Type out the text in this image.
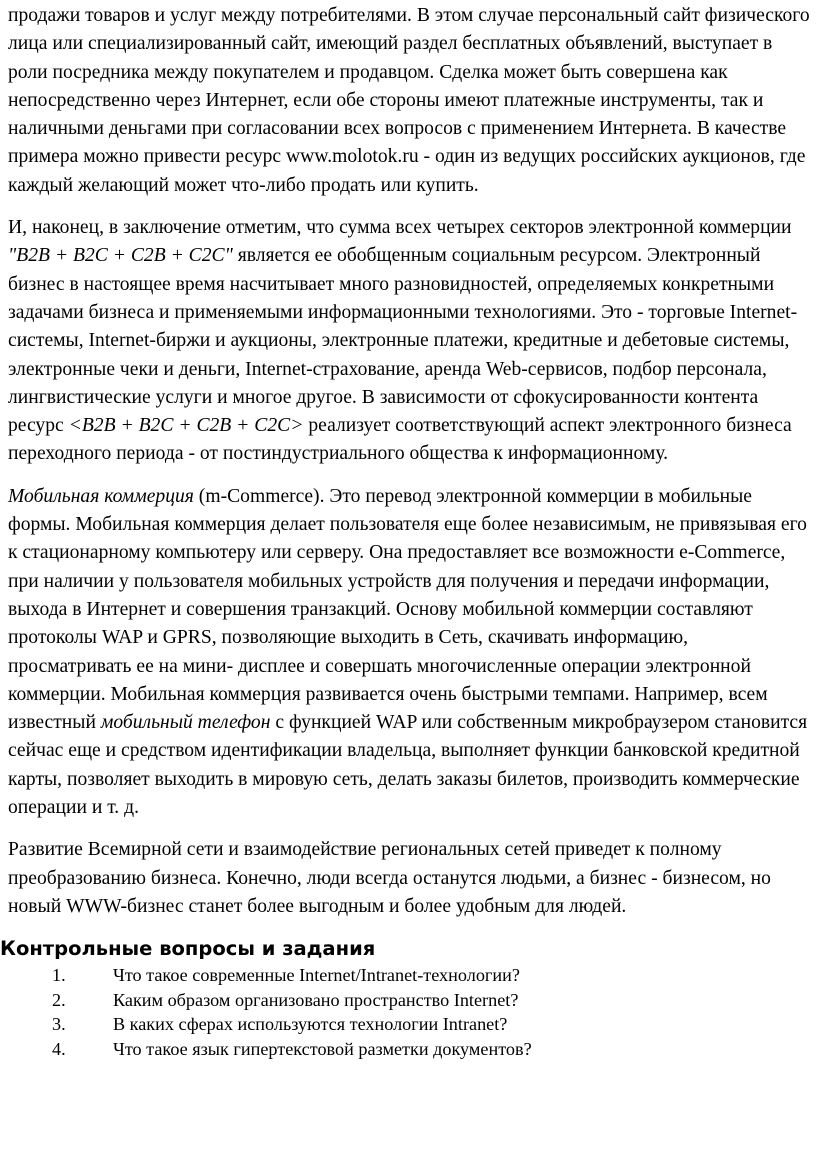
продажи товаров и услуг между потребителями. В этом случае персональный сайт физического лица или специализированный сайт, имеющий раздел бесплатных объявлений, выступает в роли посредника между покупателем и продавцом. Сделка может быть совершена как непосредственно через Интернет, если обе стороны имеют платежные инструменты, так и наличными деньгами при согласовании всех вопросов с применением Интернета. В качестве примера можно привести ресурс www.molotok.ru - один из ведущих российских аукционов, где каждый желающий может что-либо продать или купить.

И, наконец, в заключение отметим, что сумма всех четырех секторов электронной коммерции "B2B + B2C + C2B + C2C" является ее обобщенным социальным ресурсом. Электронный бизнес в настоящее время насчитывает много разновидностей, определяемых конкретными задачами бизнеса и применяемыми информационными технологиями. Это - торговые Internet-системы, Internet-биржи и аукционы, электронные платежи, кредитные и дебетовые системы, электронные чеки и деньги, Internet-страхование, аренда Web-сервисов, подбор персонала, лингвистические услуги и многое другое. В зависимости от сфокусированности контента ресурс <B2B + B2C + C2B + C2C> реализует соответствующий аспект электронного бизнеса переходного периода - от постиндустриального общества к информационному.

Мобильная коммерция (m-Commerce). Это перевод электронной коммерции в мобильные формы. Мобильная коммерция делает пользователя еще более независимым, не привязывая его к стационарному компьютеру или серверу. Она предоставляет все возможности e-Commerce, при наличии у пользователя мобильных устройств для получения и передачи информации, выхода в Интернет и совершения транзакций. Основу мобильной коммерции составляют протоколы WAP и GPRS, позволяющие выходить в Сеть, скачивать информацию, просматривать ее на мини- дисплее и совершать многочисленные операции электронной коммерции. Мобильная коммерция развивается очень быстрыми темпами. Например, всем известный мобильный телефон с функцией WAP или собственным микробраузером становится сейчас еще и средством идентификации владельца, выполняет функции банковской кредитной карты, позволяет выходить в мировую сеть, делать заказы билетов, производить коммерческие операции и т. д.

Развитие Всемирной сети и взаимодействие региональных сетей приведет к полному преобразованию бизнеса. Конечно, люди всегда останутся людьми, а бизнес - бизнесом, но новый WWW-бизнес станет более выгодным и более удобным для людей.

Контрольные вопросы и задания
1.	Что такое современные Internet/Intranet-технологии?
2.	Каким образом организовано пространство Internet?
3.	В каких сферах используются технологии Intranet?
4.	Что такое язык гипертекстовой разметки документов?
